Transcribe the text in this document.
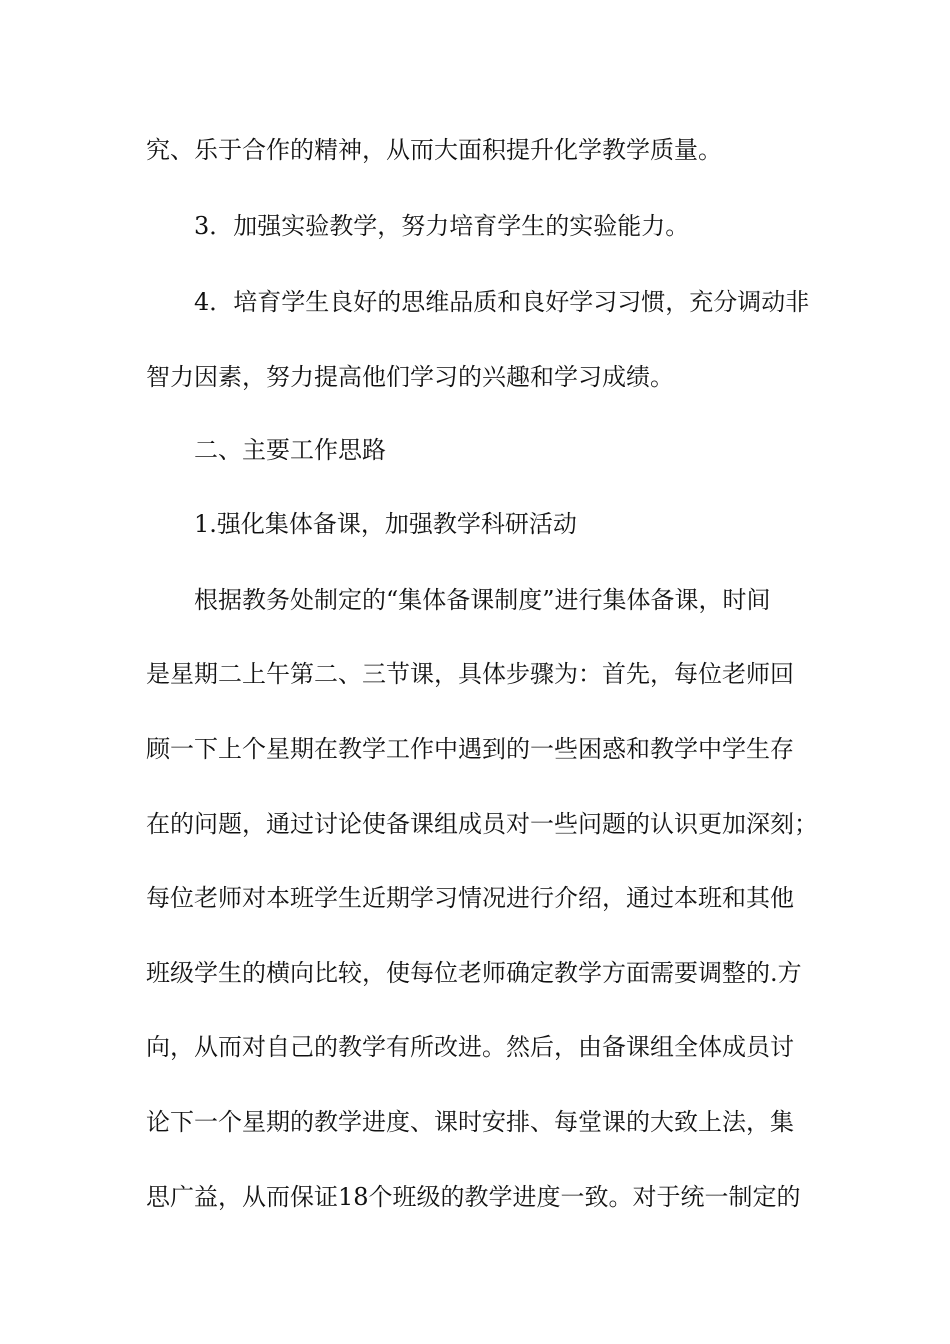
究、乐于合作的精神，从而大面积提升化学教学质量。
3．加强实验教学，努力培育学生的实验能力。
4．培育学生良好的思维品质和良好学习习惯，充分调动非
智力因素，努力提高他们学习的兴趣和学习成绩。
二、主要工作思路
1.强化集体备课，加强教学科研活动
根据教务处制定的“集体备课制度”进行集体备课，时间
是星期二上午第二、三节课，具体步骤为：首先，每位老师回
顾一下上个星期在教学工作中遇到的一些困惑和教学中学生存
在的问题，通过讨论使备课组成员对一些问题的认识更加深刻；
每位老师对本班学生近期学习情况进行介绍，通过本班和其他
班级学生的横向比较，使每位老师确定教学方面需要调整的.方
向，从而对自己的教学有所改进。然后，由备课组全体成员讨
论下一个星期的教学进度、课时安排、每堂课的大致上法，集
思广益，从而保证18个班级的教学进度一致。对于统一制定的
